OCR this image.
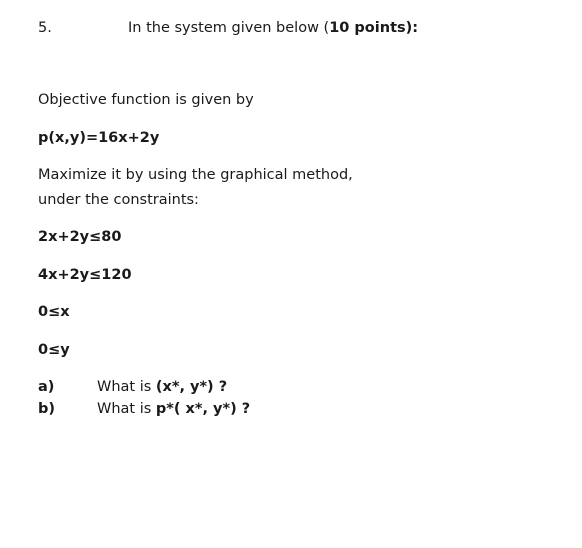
5.	In the system given below (10 points):
Objective function is given by
p(x,y)=16x+2y
Maximize it by using the graphical method,
under the constraints:
2x+2y≤80
4x+2y≤120
0≤x
0≤y
a)	What is (x*, y*) ?
b)	What is p*( x*, y*) ?
